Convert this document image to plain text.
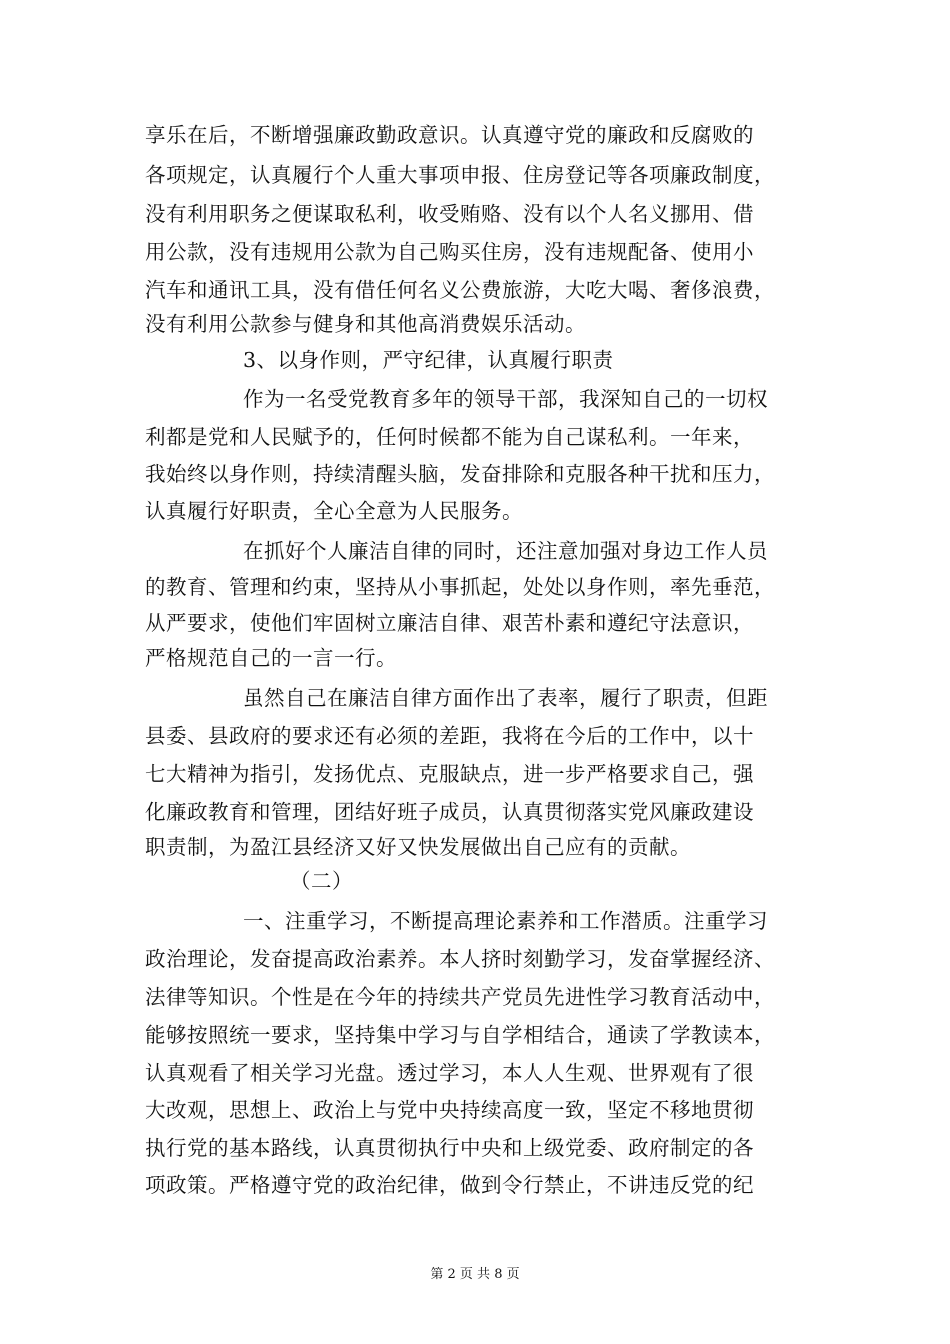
享乐在后，不断增强廉政勤政意识。认真遵守党的廉政和反腐败的
各项规定，认真履行个人重大事项申报、住房登记等各项廉政制度，
没有利用职务之便谋取私利，收受贿赂、没有以个人名义挪用、借
用公款，没有违规用公款为自己购买住房，没有违规配备、使用小
汽车和通讯工具，没有借任何名义公费旅游，大吃大喝、奢侈浪费，
没有利用公款参与健身和其他高消费娱乐活动。
3、以身作则，严守纪律，认真履行职责
作为一名受党教育多年的领导干部，我深知自己的一切权
利都是党和人民赋予的，任何时候都不能为自己谋私利。一年来，
我始终以身作则，持续清醒头脑，发奋排除和克服各种干扰和压力，
认真履行好职责，全心全意为人民服务。
在抓好个人廉洁自律的同时，还注意加强对身边工作人员
的教育、管理和约束，坚持从小事抓起，处处以身作则，率先垂范，
从严要求，使他们牢固树立廉洁自律、艰苦朴素和遵纪守法意识，
严格规范自己的一言一行。
虽然自己在廉洁自律方面作出了表率，履行了职责，但距
县委、县政府的要求还有必须的差距，我将在今后的工作中，以十
七大精神为指引，发扬优点、克服缺点，进一步严格要求自己，强
化廉政教育和管理，团结好班子成员，认真贯彻落实党风廉政建设
职责制，为盈江县经济又好又快发展做出自己应有的贡献。
（二）
一、注重学习，不断提高理论素养和工作潜质。注重学习
政治理论，发奋提高政治素养。本人挤时刻勤学习，发奋掌握经济、
法律等知识。个性是在今年的持续共产党员先进性学习教育活动中，
能够按照统一要求，坚持集中学习与自学相结合，通读了学教读本，
认真观看了相关学习光盘。透过学习，本人人生观、世界观有了很
大改观，思想上、政治上与党中央持续高度一致，坚定不移地贯彻
执行党的基本路线，认真贯彻执行中央和上级党委、政府制定的各
项政策。严格遵守党的政治纪律，做到令行禁止，不讲违反党的纪
第 2 页 共 8 页
